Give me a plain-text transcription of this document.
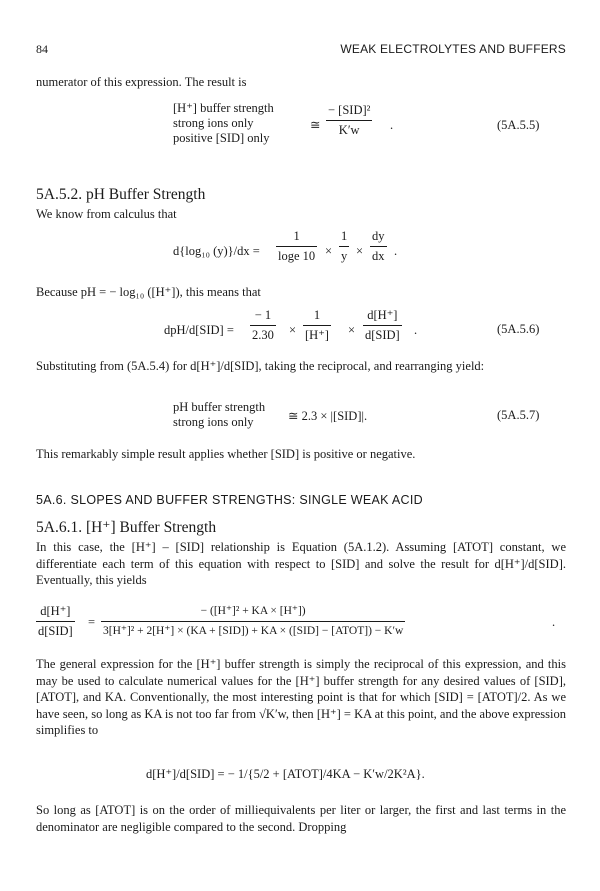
84	WEAK ELECTROLYTES AND BUFFERS
numerator of this expression. The result is
[H⁺] buffer strength
strong ions only
positive [SID] only
≅
− [SID]²
K′w	.	(5A.5.5)
5A.5.2. pH Buffer Strength
We know from calculus that
d{log₁₀ $(y)\}/dx = \frac{1}{\log e 10} \times \frac{1}{y} \times \frac{dy}{dx}$ .
Because pH = − log₁₀ ([H⁺]), this means that
$dpH/d[SID] = \frac{- 1}{2.30} \times \frac{1}{[H^+]}$ ×
d[H⁺]
d[SID] .	(5A.5.6)
Substituting from (5A.5.4) for d[H⁺]/d[SID], taking the reciprocal, and rearranging yield:
pH buffer strength
strong ions only	≅ 2.3 × |[SID]|.	(5A.5.7)
This remarkably simple result applies whether [SID] is positive or negative.
5A.6. SLOPES AND BUFFER STRENGTHS: SINGLE WEAK ACID
5A.6.1. [H⁺] Buffer Strength
In this case, the [H⁺] – [SID] relationship is Equation (5A.1.2). Assuming [ATOT] constant, we differentiate each term of this equation with respect to [SID] and solve the result for d[H⁺]/d[SID]. Eventually, this yields
d[H⁺]
d[SID]
=
− ([H⁺]² + KA × [H⁺])
3[H⁺]² + 2[H⁺] × (KA + [SID]) + KA × ([SID] − [ATOT]) − K′w
.
The general expression for the [H⁺] buffer strength is simply the reciprocal of this expression, and this may be used to calculate numerical values for the [H⁺] buffer strength for any desired values of [SID], [ATOT], and KA. Conventionally, the most interesting point is that for which [SID] = [ATOT]/2. As we have seen, so long as KA is not too far from √K′w, then [H⁺] = KA at this point, and the above expression simplifies to
d[H⁺]/d[SID] = − 1/{5/2 + [ATOT]/4KA − K′w/2K²A}.
So long as [ATOT] is on the order of milliequivalents per liter or larger, the first and last terms in the denominator are negligible compared to the second. Dropping
